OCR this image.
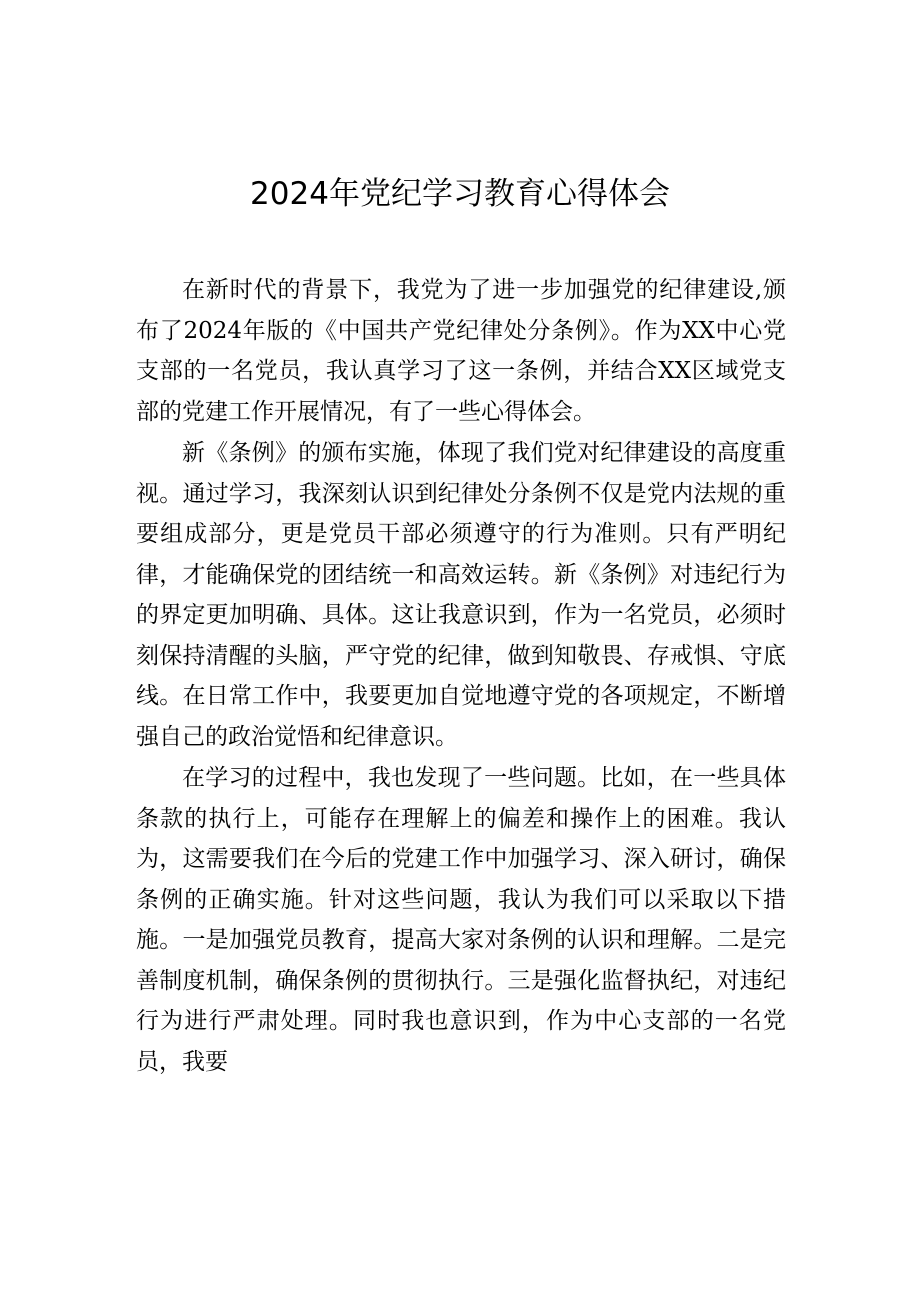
2024年党纪学习教育心得体会

在新时代的背景下，我党为了进一步加强党的纪律建设,颁布了2024年版的《中国共产党纪律处分条例》。作为XX中心党支部的一名党员，我认真学习了这一条例，并结合XX区域党支部的党建工作开展情况，有了一些心得体会。

新《条例》的颁布实施，体现了我们党对纪律建设的高度重视。通过学习，我深刻认识到纪律处分条例不仅是党内法规的重要组成部分，更是党员干部必须遵守的行为准则。只有严明纪律，才能确保党的团结统一和高效运转。新《条例》对违纪行为的界定更加明确、具体。这让我意识到，作为一名党员，必须时刻保持清醒的头脑，严守党的纪律，做到知敬畏、存戒惧、守底线。在日常工作中，我要更加自觉地遵守党的各项规定，不断增强自己的政治觉悟和纪律意识。

在学习的过程中，我也发现了一些问题。比如，在一些具体条款的执行上，可能存在理解上的偏差和操作上的困难。我认为，这需要我们在今后的党建工作中加强学习、深入研讨，确保条例的正确实施。针对这些问题，我认为我们可以采取以下措施。一是加强党员教育，提高大家对条例的认识和理解。二是完善制度机制，确保条例的贯彻执行。三是强化监督执纪，对违纪行为进行严肃处理。同时我也意识到，作为中心支部的一名党员，我要
